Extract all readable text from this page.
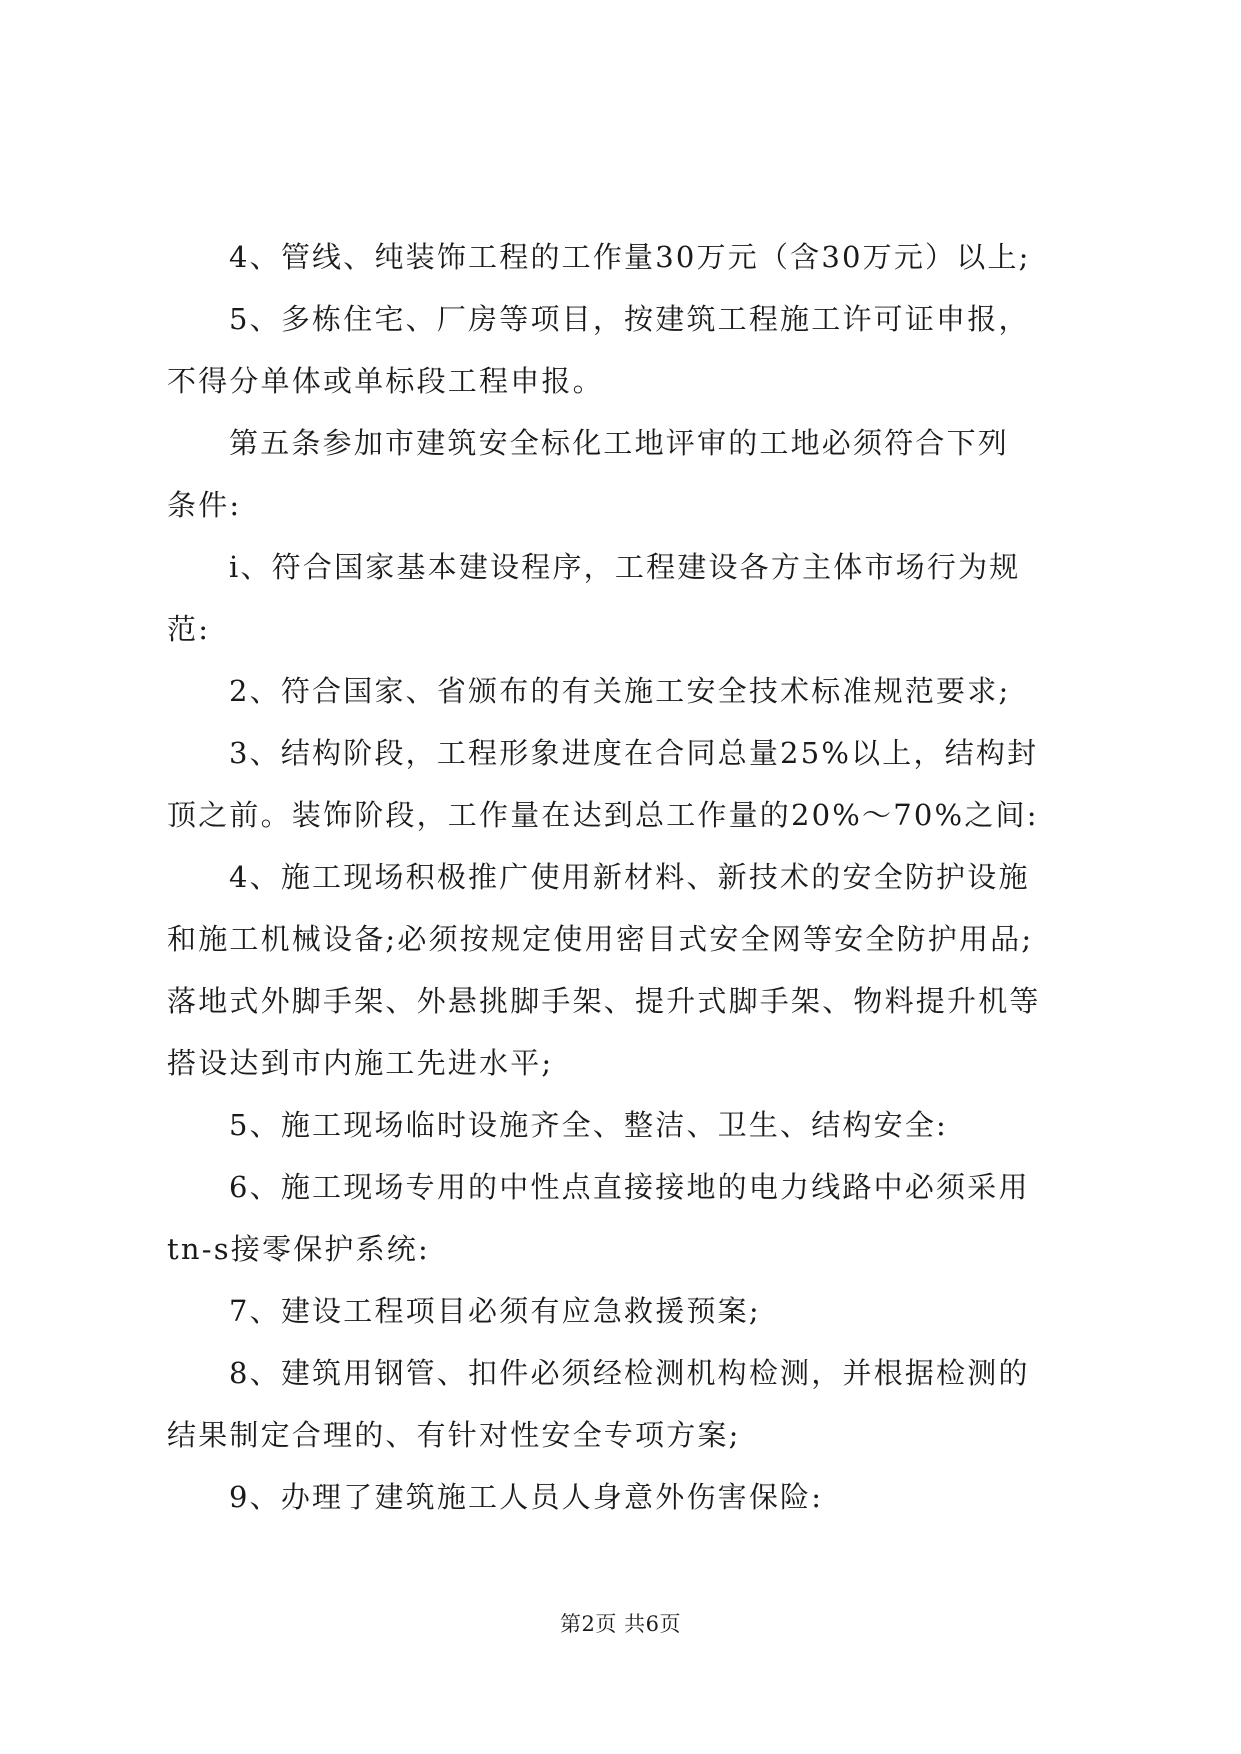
4、管线、纯装饰工程的工作量30万元（含30万元）以上;
5、多栋住宅、厂房等项目，按建筑工程施工许可证申报，
不得分单体或单标段工程申报。
第五条参加市建筑安全标化工地评审的工地必须符合下列
条件:
i、符合国家基本建设程序，工程建设各方主体市场行为规
范:
2、符合国家、省颁布的有关施工安全技术标准规范要求;
3、结构阶段，工程形象进度在合同总量25%以上，结构封
顶之前。装饰阶段，工作量在达到总工作量的20%～70%之间:
4、施工现场积极推广使用新材料、新技术的安全防护设施
和施工机械设备;必须按规定使用密目式安全网等安全防护用品;
落地式外脚手架、外悬挑脚手架、提升式脚手架、物料提升机等
搭设达到市内施工先进水平;
5、施工现场临时设施齐全、整洁、卫生、结构安全:
6、施工现场专用的中性点直接接地的电力线路中必须采用
tn-s接零保护系统:
7、建设工程项目必须有应急救援预案;
8、建筑用钢管、扣件必须经检测机构检测，并根据检测的
结果制定合理的、有针对性安全专项方案;
9、办理了建筑施工人员人身意外伤害保险:
第2页 共6页
